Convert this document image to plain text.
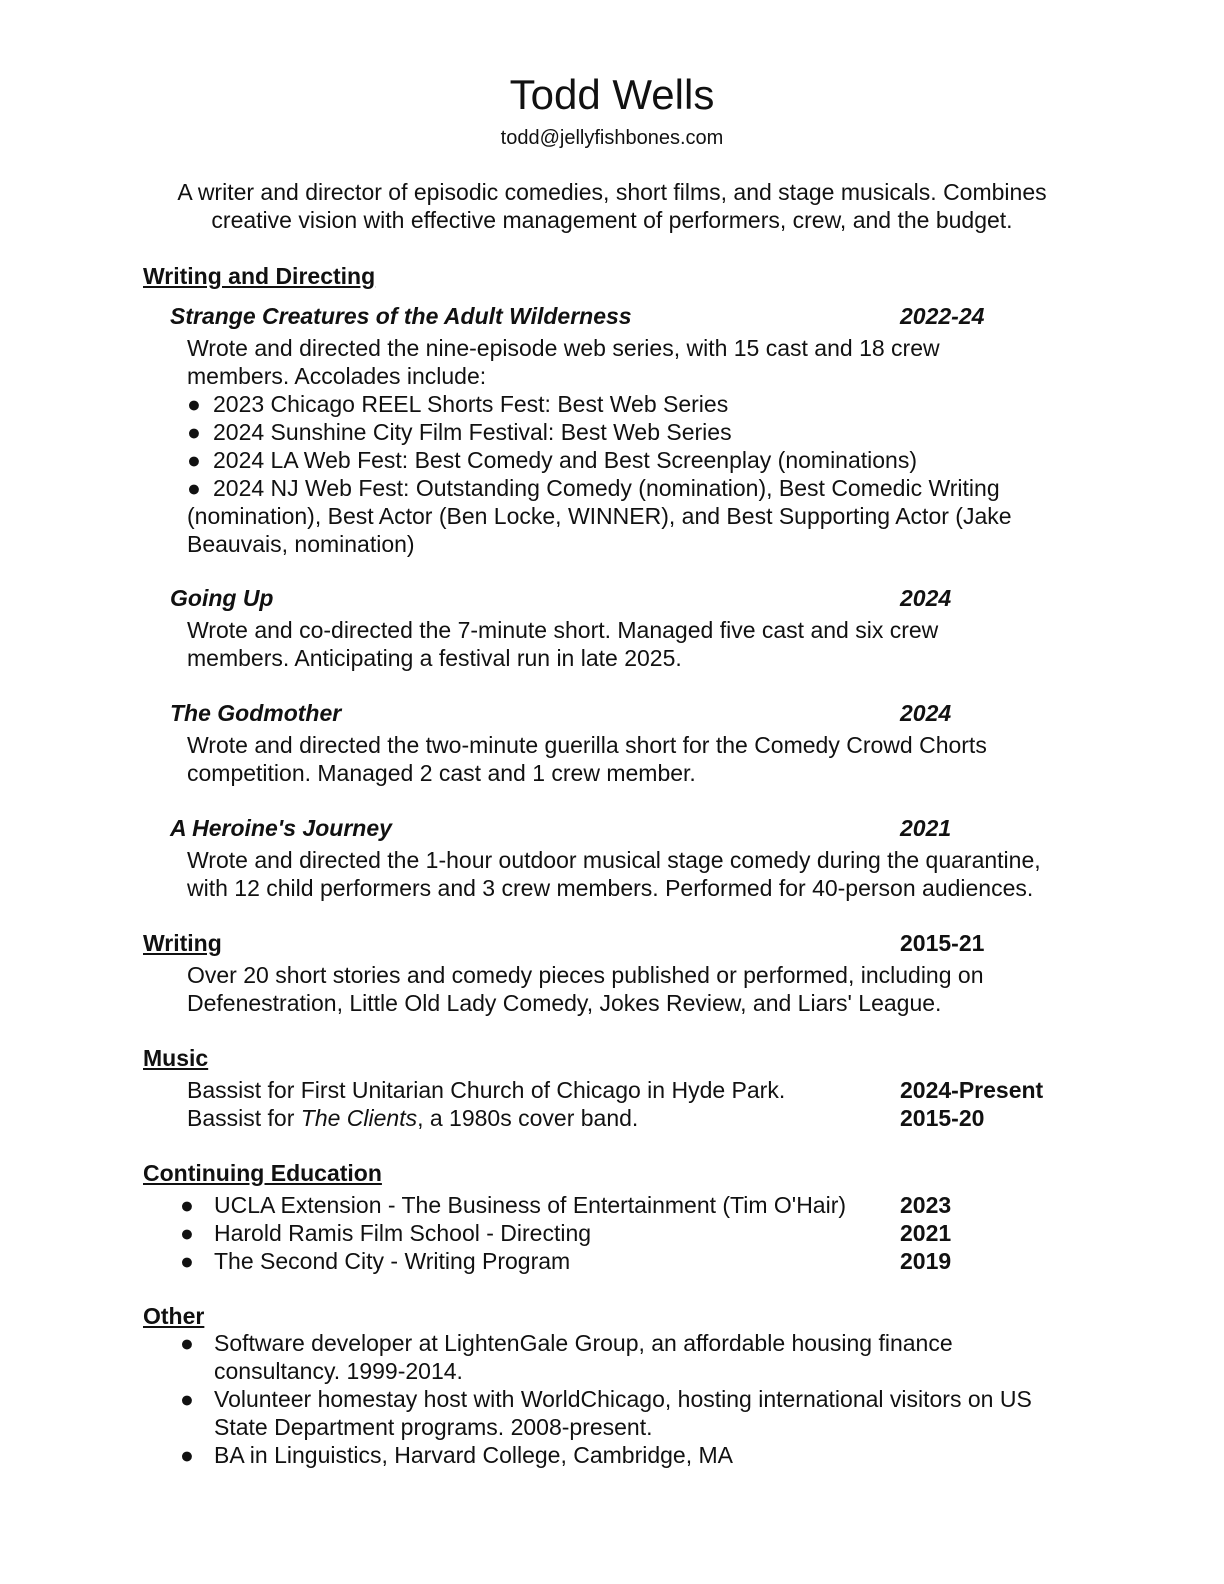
Todd Wells
todd@jellyfishbones.com
A writer and director of episodic comedies, short films, and stage musicals. Combines creative vision with effective management of performers, crew, and the budget.
Writing and Directing
Strange Creatures of the Adult Wilderness	2022-24
Wrote and directed the nine-episode web series, with 15 cast and 18 crew
members. Accolades include:
● 2023 Chicago REEL Shorts Fest: Best Web Series
● 2024 Sunshine City Film Festival: Best Web Series
● 2024 LA Web Fest: Best Comedy and Best Screenplay (nominations)
● 2024 NJ Web Fest: Outstanding Comedy (nomination), Best Comedic Writing
(nomination), Best Actor (Ben Locke, WINNER), and Best Supporting Actor (Jake
Beauvais, nomination)
Going Up	2024
Wrote and co-directed the 7-minute short. Managed five cast and six crew
members. Anticipating a festival run in late 2025.
The Godmother	2024
Wrote and directed the two-minute guerilla short for the Comedy Crowd Chorts
competition. Managed 2 cast and 1 crew member.
A Heroine's Journey	2021
Wrote and directed the 1-hour outdoor musical stage comedy during the quarantine,
with 12 child performers and 3 crew members. Performed for 40-person audiences.
Writing	2015-21
Over 20 short stories and comedy pieces published or performed, including on
Defenestration, Little Old Lady Comedy, Jokes Review, and Liars' League.
Music
Bassist for First Unitarian Church of Chicago in Hyde Park.	2024-Present
Bassist for The Clients, a 1980s cover band.	2015-20
Continuing Education
● UCLA Extension - The Business of Entertainment (Tim O'Hair) 2023
● Harold Ramis Film School - Directing	2021
● The Second City - Writing Program	2019
Other
● Software developer at LightenGale Group, an affordable housing finance
consultancy. 1999-2014.
● Volunteer homestay host with WorldChicago, hosting international visitors on US
State Department programs. 2008-present.
● BA in Linguistics, Harvard College, Cambridge, MA
